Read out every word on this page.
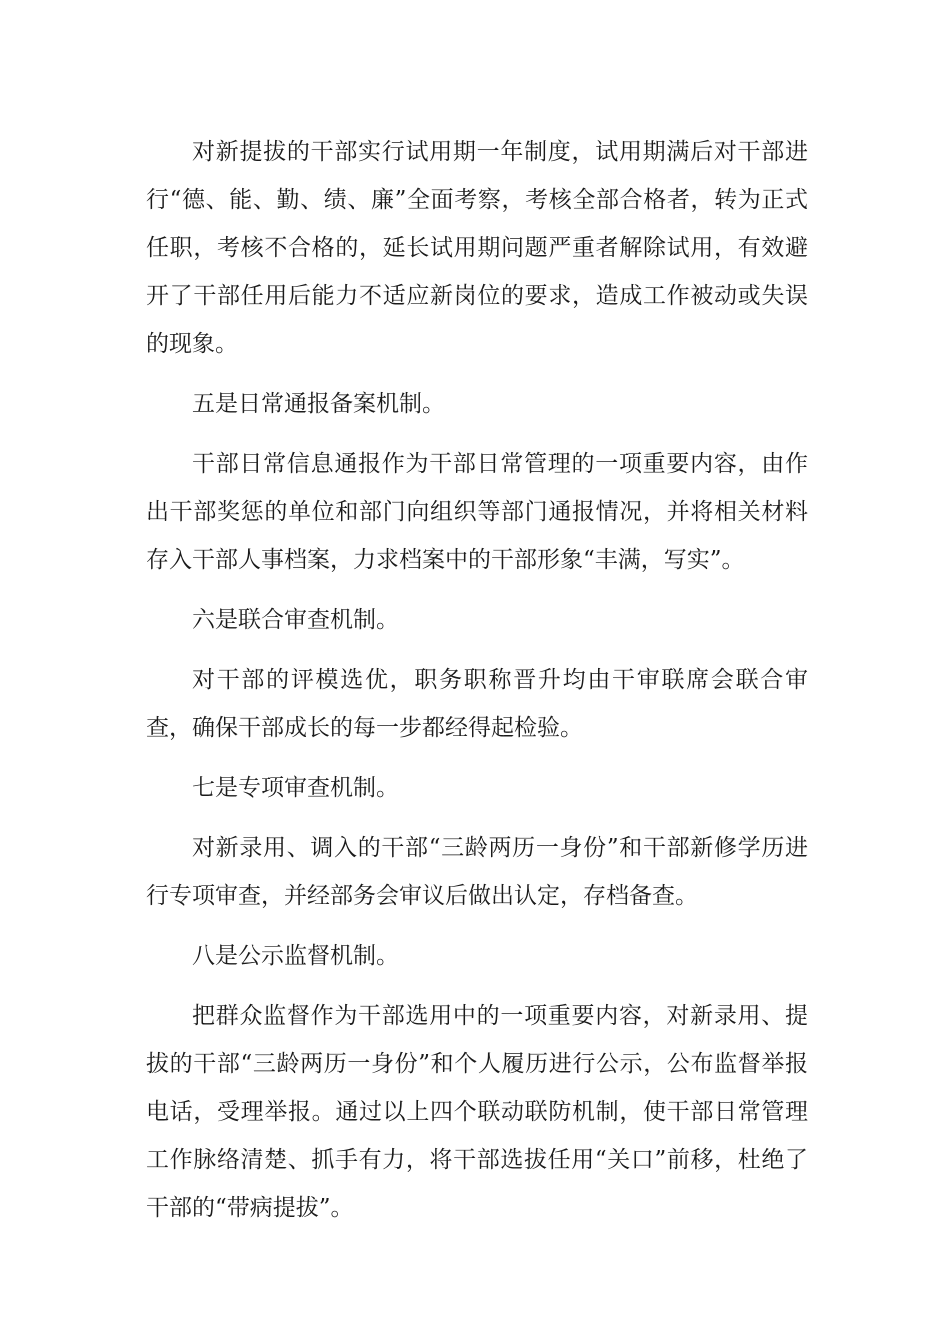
对新提拔的干部实行试用期一年制度，试用期满后对干部进行“德、能、勤、绩、廉”全面考察，考核全部合格者，转为正式任职，考核不合格的，延长试用期问题严重者解除试用，有效避开了干部任用后能力不适应新岗位的要求，造成工作被动或失误的现象。

五是日常通报备案机制。

干部日常信息通报作为干部日常管理的一项重要内容，由作出干部奖惩的单位和部门向组织等部门通报情况，并将相关材料存入干部人事档案，力求档案中的干部形象“丰满，写实”。

六是联合审查机制。

对干部的评模选优，职务职称晋升均由干审联席会联合审查，确保干部成长的每一步都经得起检验。

七是专项审查机制。

对新录用、调入的干部“三龄两历一身份”和干部新修学历进行专项审查，并经部务会审议后做出认定，存档备查。

八是公示监督机制。

把群众监督作为干部选用中的一项重要内容，对新录用、提拔的干部“三龄两历一身份”和个人履历进行公示，公布监督举报电话，受理举报。通过以上四个联动联防机制，使干部日常管理工作脉络清楚、抓手有力，将干部选拔任用“关口”前移，杜绝了干部的“带病提拔”。
